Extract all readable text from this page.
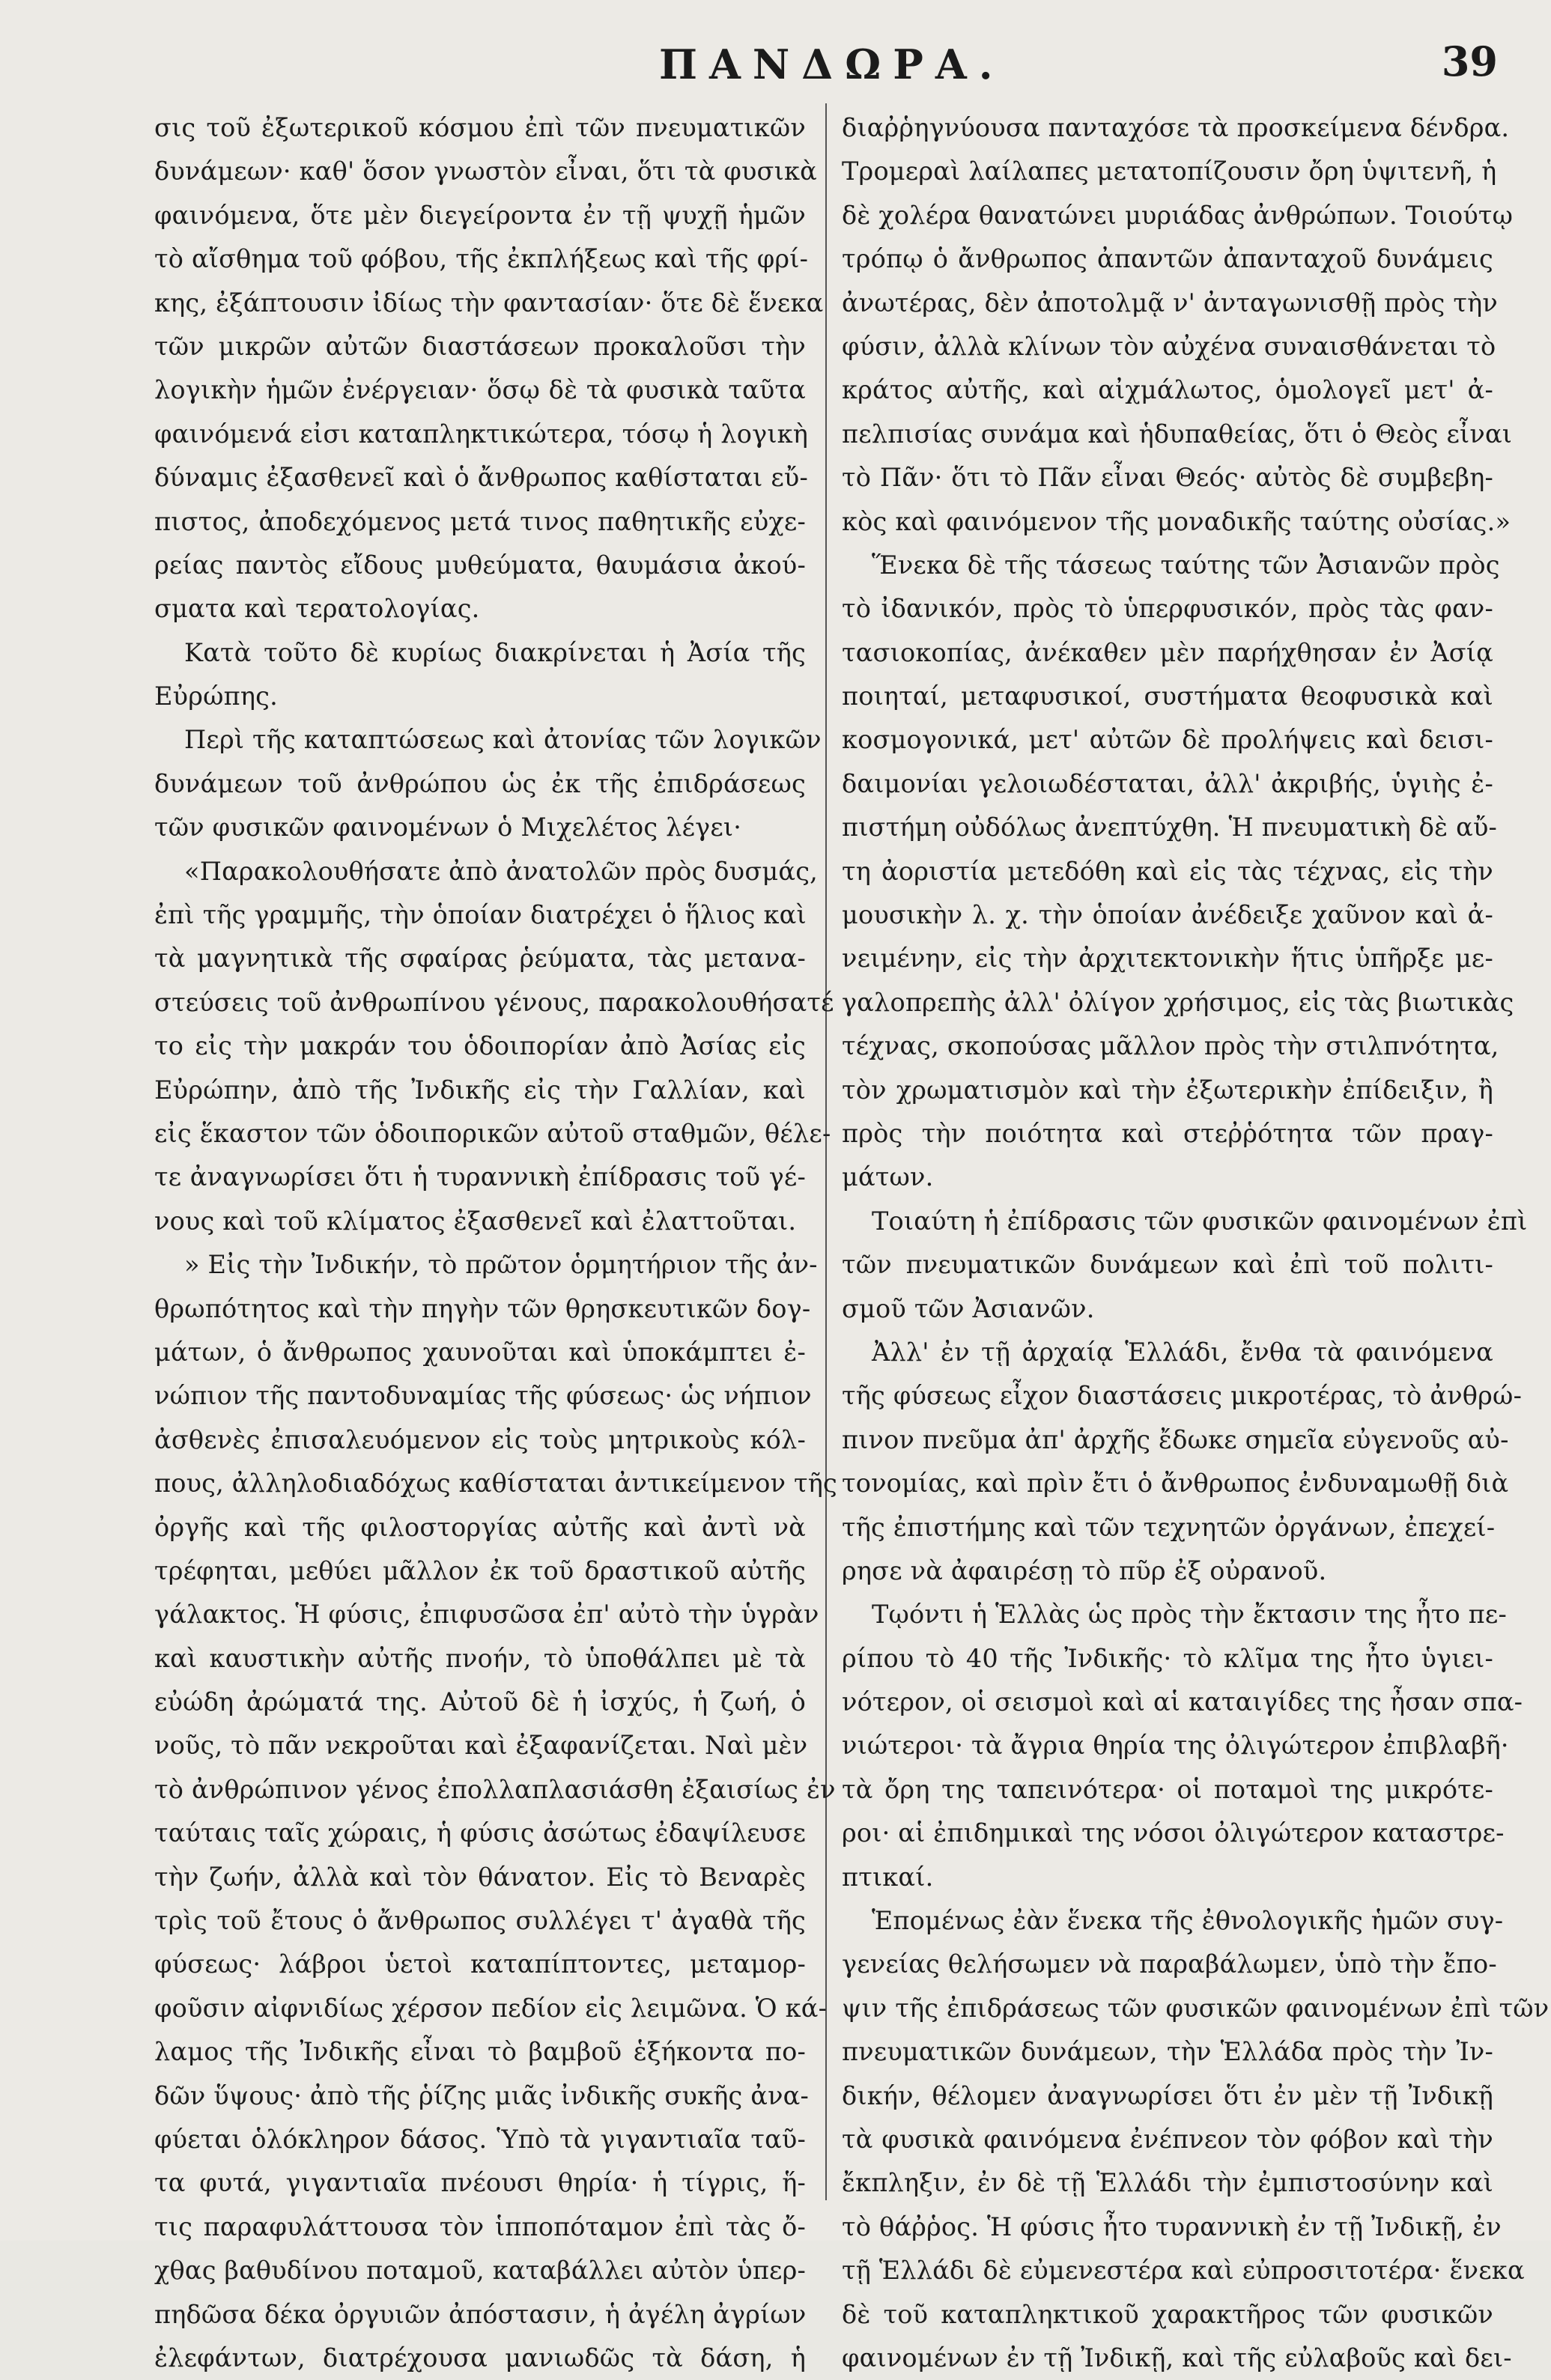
ΠΑΝΔΩΡΑ.	39
σις τοῦ ἐξωτερικοῦ κόσμου ἐπὶ τῶν πνευματικῶν
δυνάμεων· καθ' ὅσον γνωστὸν εἶναι, ὅτι τὰ φυσικὰ
φαινόμενα, ὅτε μὲν διεγείροντα ἐν τῇ ψυχῇ ἡμῶν
τὸ αἴσθημα τοῦ φόβου, τῆς ἐκπλήξεως καὶ τῆς φρί-
κης, ἐξάπτουσιν ἰδίως τὴν φαντασίαν· ὅτε δὲ ἕνεκα
τῶν μικρῶν αὐτῶν διαστάσεων προκαλοῦσι τὴν
λογικὴν ἡμῶν ἐνέργειαν· ὅσῳ δὲ τὰ φυσικὰ ταῦτα
φαινόμενά εἰσι καταπληκτικώτερα, τόσῳ ἡ λογικὴ
δύναμις ἐξασθενεῖ καὶ ὁ ἄνθρωπος καθίσταται εὔ-
πιστος, ἀποδεχόμενος μετά τινος παθητικῆς εὐχε-
ρείας παντὸς εἴδους μυθεύματα, θαυμάσια ἀκού-
σματα καὶ τερατολογίας.
Κατὰ τοῦτο δὲ κυρίως διακρίνεται ἡ Ἀσία τῆς
Εὐρώπης.
Περὶ τῆς καταπτώσεως καὶ ἀτονίας τῶν λογικῶν
δυνάμεων τοῦ ἀνθρώπου ὡς ἐκ τῆς ἐπιδράσεως
τῶν φυσικῶν φαινομένων ὁ Μιχελέτος λέγει·
«Παρακολουθήσατε ἀπὸ ἀνατολῶν πρὸς δυσμάς,
ἐπὶ τῆς γραμμῆς, τὴν ὁποίαν διατρέχει ὁ ἥλιος καὶ
τὰ μαγνητικὰ τῆς σφαίρας ῥεύματα, τὰς μετανα-
στεύσεις τοῦ ἀνθρωπίνου γένους, παρακολουθήσατέ
το εἰς τὴν μακράν του ὁδοιπορίαν ἀπὸ Ἀσίας εἰς
Εὐρώπην, ἀπὸ τῆς Ἰνδικῆς εἰς τὴν Γαλλίαν, καὶ
εἰς ἕκαστον τῶν ὁδοιπορικῶν αὐτοῦ σταθμῶν, θέλε-
τε ἀναγνωρίσει ὅτι ἡ τυραννικὴ ἐπίδρασις τοῦ γέ-
νους καὶ τοῦ κλίματος ἐξασθενεῖ καὶ ἐλαττοῦται.
» Εἰς τὴν Ἰνδικήν, τὸ πρῶτον ὁρμητήριον τῆς ἀν-
θρωπότητος καὶ τὴν πηγὴν τῶν θρησκευτικῶν δογ-
μάτων, ὁ ἄνθρωπος χαυνοῦται καὶ ὑποκάμπτει ἐ-
νώπιον τῆς παντοδυναμίας τῆς φύσεως· ὡς νήπιον
ἀσθενὲς ἐπισαλευόμενον εἰς τοὺς μητρικοὺς κόλ-
πους, ἀλληλοδιαδόχως καθίσταται ἀντικείμενον τῆς
ὀργῆς καὶ τῆς φιλοστοργίας αὐτῆς καὶ ἀντὶ νὰ
τρέφηται, μεθύει μᾶλλον ἐκ τοῦ δραστικοῦ αὐτῆς
γάλακτος. Ἡ φύσις, ἐπιφυσῶσα ἐπ' αὐτὸ τὴν ὑγρὰν
καὶ καυστικὴν αὐτῆς πνοήν, τὸ ὑποθάλπει μὲ τὰ
εὐώδη ἀρώματά της. Αὐτοῦ δὲ ἡ ἰσχύς, ἡ ζωή, ὁ
νοῦς, τὸ πᾶν νεκροῦται καὶ ἐξαφανίζεται. Ναὶ μὲν
τὸ ἀνθρώπινον γένος ἐπολλαπλασιάσθη ἐξαισίως ἐν
ταύταις ταῖς χώραις, ἡ φύσις ἀσώτως ἐδαψίλευσε
τὴν ζωήν, ἀλλὰ καὶ τὸν θάνατον. Εἰς τὸ Βεναρὲς
τρὶς τοῦ ἔτους ὁ ἄνθρωπος συλλέγει τ' ἀγαθὰ τῆς
φύσεως· λάβροι ὑετοὶ καταπίπτοντες, μεταμορ-
φοῦσιν αἰφνιδίως χέρσον πεδίον εἰς λειμῶνα. Ὁ κά-
λαμος τῆς Ἰνδικῆς εἶναι τὸ βαμβοῦ ἑξήκοντα πο-
δῶν ὕψους· ἀπὸ τῆς ῥίζης μιᾶς ἰνδικῆς συκῆς ἀνα-
φύεται ὁλόκληρον δάσος. Ὑπὸ τὰ γιγαντιαῖα ταῦ-
τα φυτά, γιγαντιαῖα πνέουσι θηρία· ἡ τίγρις, ἥ-
τις παραφυλάττουσα τὸν ἱπποπόταμον ἐπὶ τὰς ὄ-
χθας βαθυδίνου ποταμοῦ, καταβάλλει αὐτὸν ὑπερ-
πηδῶσα δέκα ὀργυιῶν ἀπόστασιν, ἡ ἀγέλη ἀγρίων
ἐλεφάντων, διατρέχουσα μανιωδῶς τὰ δάση, ἡ
διαῤῥηγνύουσα πανταχόσε τὰ προσκείμενα δένδρα.
Τρομεραὶ λαίλαπες μετατοπίζουσιν ὄρη ὑψιτενῆ, ἡ
δὲ χολέρα θανατώνει μυριάδας ἀνθρώπων. Τοιούτῳ
τρόπῳ ὁ ἄνθρωπος ἀπαντῶν ἀπανταχοῦ δυνάμεις
ἀνωτέρας, δὲν ἀποτολμᾷ ν' ἀνταγωνισθῇ πρὸς τὴν
φύσιν, ἀλλὰ κλίνων τὸν αὐχένα συναισθάνεται τὸ
κράτος αὐτῆς, καὶ αἰχμάλωτος, ὁμολογεῖ μετ' ἀ-
πελπισίας συνάμα καὶ ἡδυπαθείας, ὅτι ὁ Θεὸς εἶναι
τὸ Πᾶν· ὅτι τὸ Πᾶν εἶναι Θεός· αὐτὸς δὲ συμβεβη-
κὸς καὶ φαινόμενον τῆς μοναδικῆς ταύτης οὐσίας.»
Ἕνεκα δὲ τῆς τάσεως ταύτης τῶν Ἀσιανῶν πρὸς
τὸ ἰδανικόν, πρὸς τὸ ὑπερφυσικόν, πρὸς τὰς φαν-
τασιοκοπίας, ἀνέκαθεν μὲν παρήχθησαν ἐν Ἀσίᾳ
ποιηταί, μεταφυσικοί, συστήματα θεοφυσικὰ καὶ
κοσμογονικά, μετ' αὐτῶν δὲ προλήψεις καὶ δεισι-
δαιμονίαι γελοιωδέσταται, ἀλλ' ἀκριβής, ὑγιὴς ἐ-
πιστήμη οὐδόλως ἀνεπτύχθη. Ἡ πνευματικὴ δὲ αὔ-
τη ἀοριστία μετεδόθη καὶ εἰς τὰς τέχνας, εἰς τὴν
μουσικὴν λ. χ. τὴν ὁποίαν ἀνέδειξε χαῦνον καὶ ἀ-
νειμένην, εἰς τὴν ἀρχιτεκτονικὴν ἥτις ὑπῆρξε με-
γαλοπρεπὴς ἀλλ' ὀλίγον χρήσιμος, εἰς τὰς βιωτικὰς
τέχνας, σκοπούσας μᾶλλον πρὸς τὴν στιλπνότητα,
τὸν χρωματισμὸν καὶ τὴν ἐξωτερικὴν ἐπίδειξιν, ἢ
πρὸς τὴν ποιότητα καὶ στεῤῥότητα τῶν πραγ-
μάτων.
Τοιαύτη ἡ ἐπίδρασις τῶν φυσικῶν φαινομένων ἐπὶ
τῶν πνευματικῶν δυνάμεων καὶ ἐπὶ τοῦ πολιτι-
σμοῦ τῶν Ἀσιανῶν.
Ἀλλ' ἐν τῇ ἀρχαίᾳ Ἑλλάδι, ἔνθα τὰ φαινόμενα
τῆς φύσεως εἶχον διαστάσεις μικροτέρας, τὸ ἀνθρώ-
πινον πνεῦμα ἀπ' ἀρχῆς ἔδωκε σημεῖα εὐγενοῦς αὐ-
τονομίας, καὶ πρὶν ἔτι ὁ ἄνθρωπος ἐνδυναμωθῇ διὰ
τῆς ἐπιστήμης καὶ τῶν τεχνητῶν ὀργάνων, ἐπεχεί-
ρησε νὰ ἀφαιρέσῃ τὸ πῦρ ἐξ οὐρανοῦ.
Τῳόντι ἡ Ἑλλὰς ὡς πρὸς τὴν ἔκτασιν της ἦτο πε-
ρίπου τὸ 40 τῆς Ἰνδικῆς· τὸ κλῖμα της ἦτο ὑγιει-
νότερον, οἱ σεισμοὶ καὶ αἱ καταιγίδες της ἦσαν σπα-
νιώτεροι· τὰ ἄγρια θηρία της ὀλιγώτερον ἐπιβλαβῆ·
τὰ ὄρη της ταπεινότερα· οἱ ποταμοὶ της μικρότε-
ροι· αἱ ἐπιδημικαὶ της νόσοι ὀλιγώτερον καταστρε-
πτικαί.
Ἑπομένως ἐὰν ἕνεκα τῆς ἐθνολογικῆς ἡμῶν συγ-
γενείας θελήσωμεν νὰ παραβάλωμεν, ὑπὸ τὴν ἔπο-
ψιν τῆς ἐπιδράσεως τῶν φυσικῶν φαινομένων ἐπὶ τῶν
πνευματικῶν δυνάμεων, τὴν Ἑλλάδα πρὸς τὴν Ἰν-
δικήν, θέλομεν ἀναγνωρίσει ὅτι ἐν μὲν τῇ Ἰνδικῇ
τὰ φυσικὰ φαινόμενα ἐνέπνεον τὸν φόβον καὶ τὴν
ἔκπληξιν, ἐν δὲ τῇ Ἑλλάδι τὴν ἐμπιστοσύνην καὶ
τὸ θάῤῥος. Ἡ φύσις ἦτο τυραννικὴ ἐν τῇ Ἰνδικῇ, ἐν
τῇ Ἑλλάδι δὲ εὐμενεστέρα καὶ εὐπροσιτοτέρα· ἕνεκα
δὲ τοῦ καταπληκτικοῦ χαρακτῆρος τῶν φυσικῶν
φαινομένων ἐν τῇ Ἰνδικῇ, καὶ τῆς εὐλαβοῦς καὶ δει-
